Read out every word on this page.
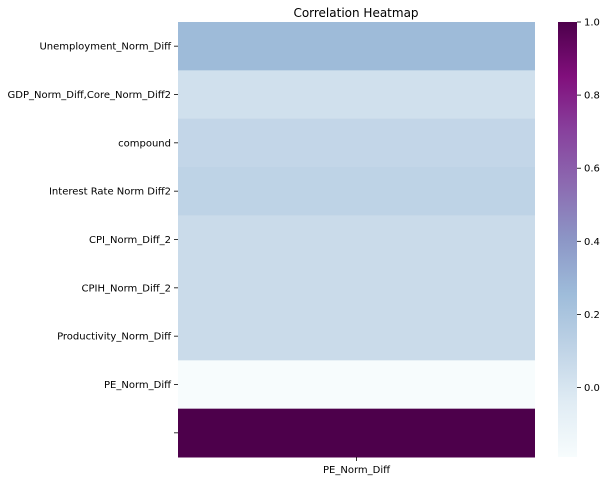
Correlation Heatmap
Unemployment_Norm_Diff
GDP_Norm_Diff,Core_Norm_Diff2
compound
Interest Rate Norm Diff2
CPI_Norm_Diff_2
CPIH_Norm_Diff_2
Productivity_Norm_Diff
PE_Norm_Diff
PE_Norm_Diff
0.0
0.2
0.4
0.6
0.8
1.0
